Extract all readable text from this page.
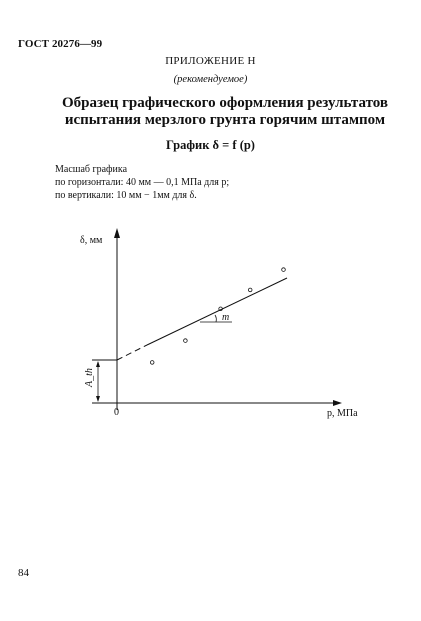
ГОСТ 20276—99
ПРИЛОЖЕНИЕ Н
(рекомендуемое)
Образец графического оформления результатов
испытания мерзлого грунта горячим штампом
График δ = f (p)
Масшаб графика
по горизонтали: 40 мм — 0,1 МПа для p;
по вертикали: 10 мм − 1мм для δ.
δ, мм
p, МПа
0
A_th
m
84
